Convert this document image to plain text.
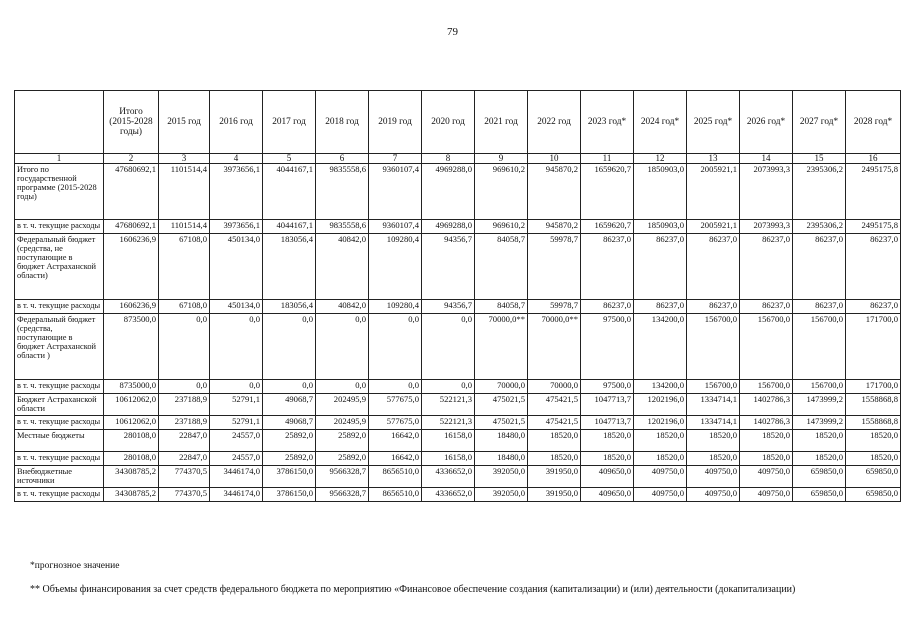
79
	Итого (2015-2028 годы)	2015 год	2016 год	2017 год	2018 год	2019 год	2020 год	2021 год	2022 год	2023 год*	2024 год*	2025 год*	2026 год*	2027 год*	2028 год*
1	2	3	4	5	6	7	8	9	10	11	12	13	14	15	16
Итого по государственной программе (2015-2028 годы)	47680692,1	1101514,4	3973656,1	4044167,1	9835558,6	9360107,4	4969288,0	969610,2	945870,2	1659620,7	1850903,0	2005921,1	2073993,3	2395306,2	2495175,8
в т. ч. текущие расходы	47680692,1	1101514,4	3973656,1	4044167,1	9835558,6	9360107,4	4969288,0	969610,2	945870,2	1659620,7	1850903,0	2005921,1	2073993,3	2395306,2	2495175,8
Федеральный бюджет (средства, не поступающие в бюджет Астраханской области)	1606236,9	67108,0	450134,0	183056,4	40842,0	109280,4	94356,7	84058,7	59978,7	86237,0	86237,0	86237,0	86237,0	86237,0	86237,0
в т. ч. текущие расходы	1606236,9	67108,0	450134,0	183056,4	40842,0	109280,4	94356,7	84058,7	59978,7	86237,0	86237,0	86237,0	86237,0	86237,0	86237,0
Федеральный бюджет (средства, поступающие в бюджет Астраханской области )	873500,0	0,0	0,0	0,0	0,0	0,0	0,0	70000,0**	70000,0**	97500,0	134200,0	156700,0	156700,0	156700,0	171700,0
в т. ч. текущие расходы	8735000,0	0,0	0,0	0,0	0,0	0,0	0,0	70000,0	70000,0	97500,0	134200,0	156700,0	156700,0	156700,0	171700,0
Бюджет Астраханской области	10612062,0	237188,9	52791,1	49068,7	202495,9	577675,0	522121,3	475021,5	475421,5	1047713,7	1202196,0	1334714,1	1402786,3	1473999,2	1558868,8
в т. ч. текущие расходы	10612062,0	237188,9	52791,1	49068,7	202495,9	577675,0	522121,3	475021,5	475421,5	1047713,7	1202196,0	1334714,1	1402786,3	1473999,2	1558868,8
Местные бюджеты	280108,0	22847,0	24557,0	25892,0	25892,0	16642,0	16158,0	18480,0	18520,0	18520,0	18520,0	18520,0	18520,0	18520,0	18520,0
в т. ч. текущие расходы	280108,0	22847,0	24557,0	25892,0	25892,0	16642,0	16158,0	18480,0	18520,0	18520,0	18520,0	18520,0	18520,0	18520,0	18520,0
Внебюджетные источники	34308785,2	774370,5	3446174,0	3786150,0	9566328,7	8656510,0	4336652,0	392050,0	391950,0	409650,0	409750,0	409750,0	409750,0	659850,0	659850,0
в т. ч. текущие расходы	34308785,2	774370,5	3446174,0	3786150,0	9566328,7	8656510,0	4336652,0	392050,0	391950,0	409650,0	409750,0	409750,0	409750,0	659850,0	659850,0
*прогнозное значение
** Объемы финансирования за счет средств федерального бюджета по мероприятию «Финансовое обеспечение создания (капитализации) и (или) деятельности (докапитализации)
